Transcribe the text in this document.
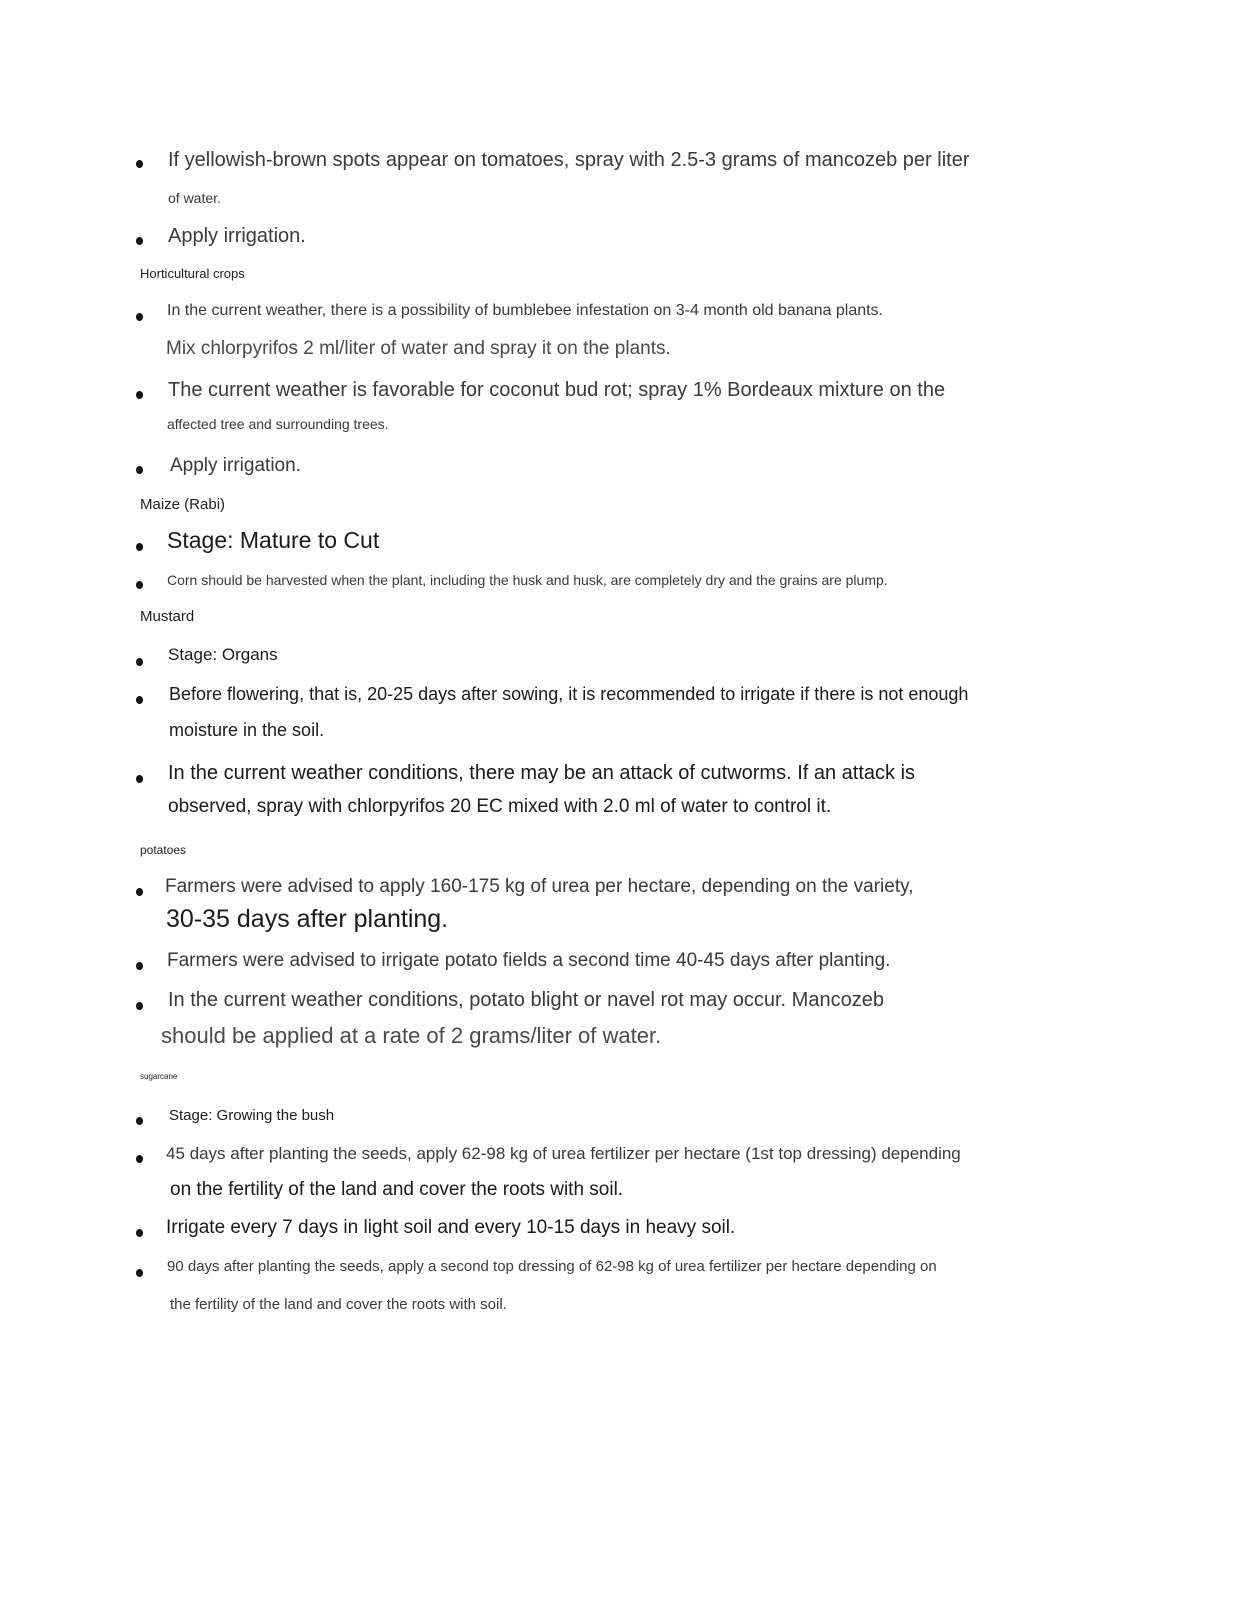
If yellowish-brown spots appear on tomatoes, spray with 2.5-3 grams of mancozeb per liter
of water.
Apply irrigation.
Horticultural crops
In the current weather, there is a possibility of bumblebee infestation on 3-4 month old banana plants.
Mix chlorpyrifos 2 ml/liter of water and spray it on the plants.
The current weather is favorable for coconut bud rot; spray 1% Bordeaux mixture on the
affected tree and surrounding trees.
Apply irrigation.
Maize (Rabi)
Stage: Mature to Cut
Corn should be harvested when the plant, including the husk and husk, are completely dry and the grains are plump.
Mustard
Stage: Organs
Before flowering, that is, 20-25 days after sowing, it is recommended to irrigate if there is not enough
moisture in the soil.
In the current weather conditions, there may be an attack of cutworms. If an attack is
observed, spray with chlorpyrifos 20 EC mixed with 2.0 ml of water to control it.
potatoes
Farmers were advised to apply 160-175 kg of urea per hectare, depending on the variety,
30-35 days after planting.
Farmers were advised to irrigate potato fields a second time 40-45 days after planting.
In the current weather conditions, potato blight or navel rot may occur. Mancozeb
should be applied at a rate of 2 grams/liter of water.
sugarcane
Stage: Growing the bush
45 days after planting the seeds, apply 62-98 kg of urea fertilizer per hectare (1st top dressing) depending
on the fertility of the land and cover the roots with soil.
Irrigate every 7 days in light soil and every 10-15 days in heavy soil.
90 days after planting the seeds, apply a second top dressing of 62-98 kg of urea fertilizer per hectare depending on
the fertility of the land and cover the roots with soil.
